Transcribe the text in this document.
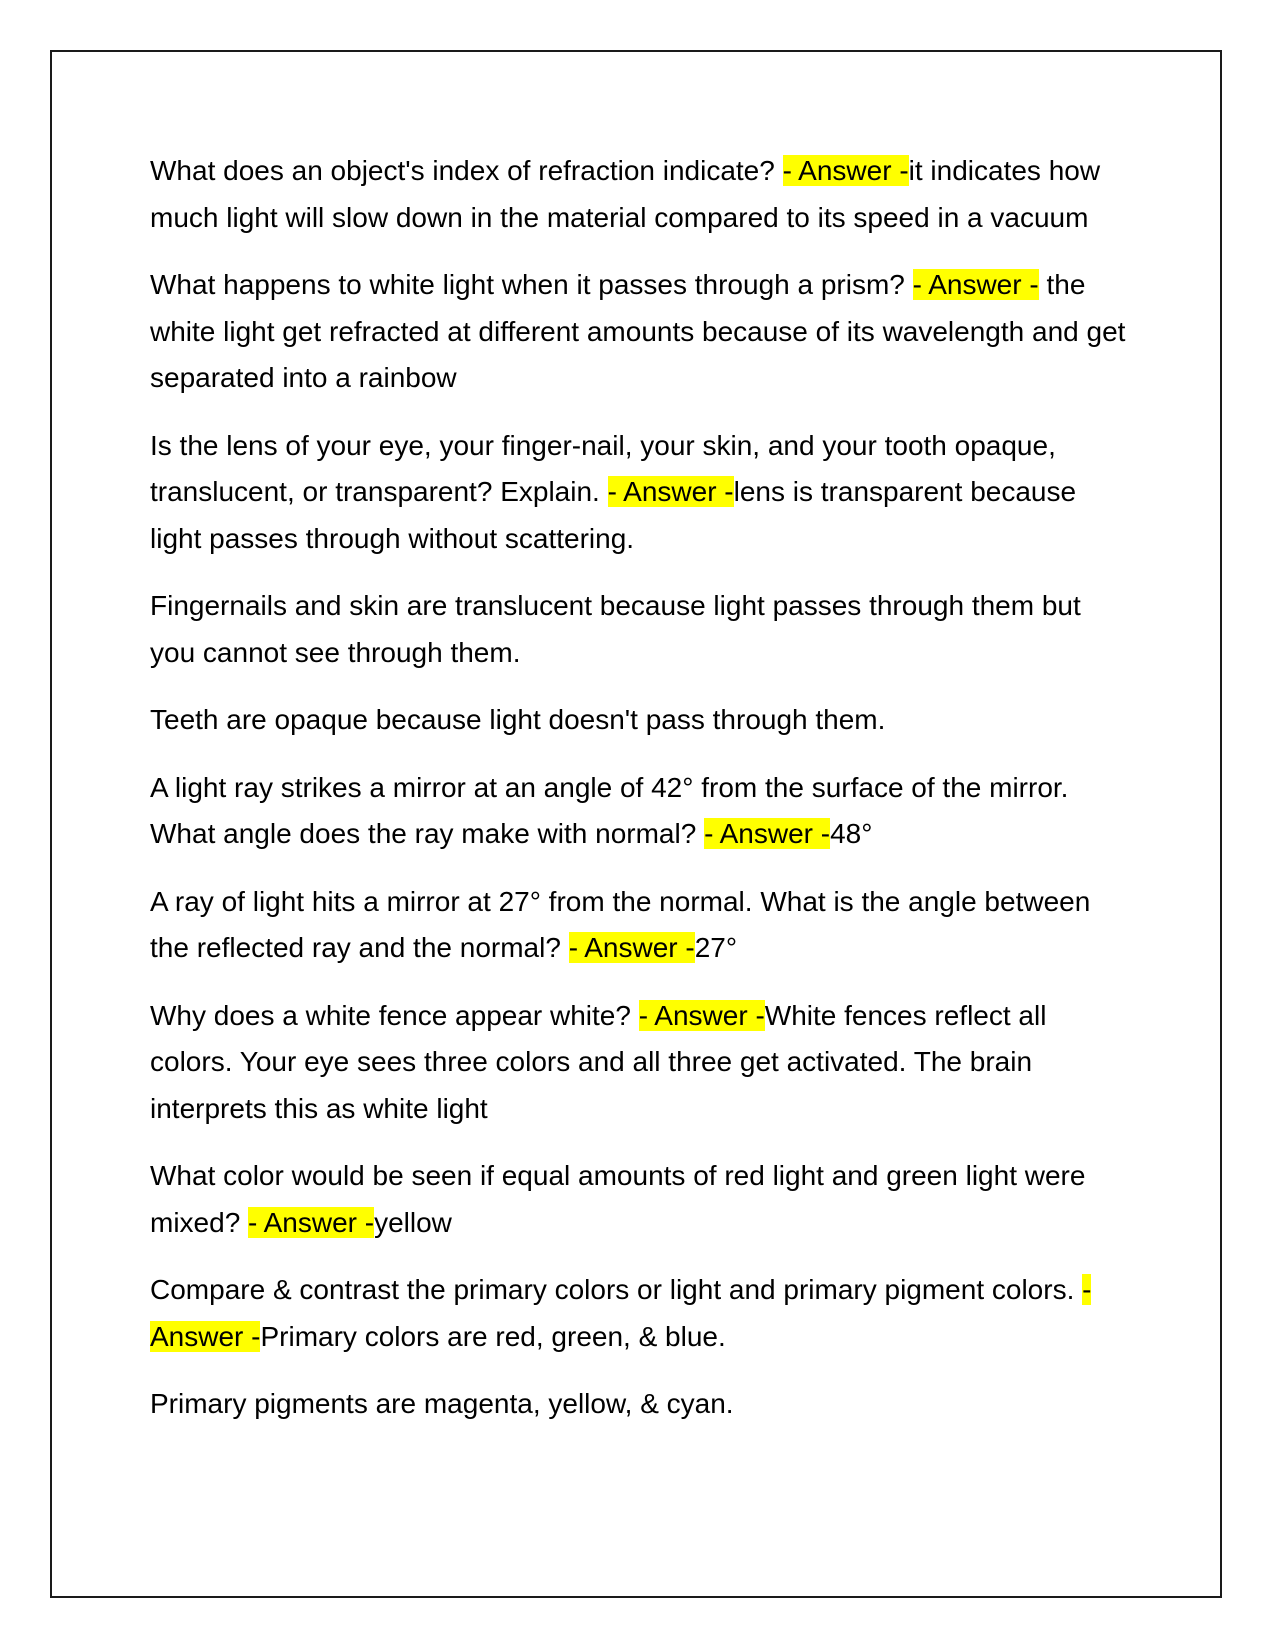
What does an object's index of refraction indicate? - Answer -it indicates how much light will slow down in the material compared to its speed in a vacuum

What happens to white light when it passes through a prism? - Answer - the white light get refracted at different amounts because of its wavelength and get separated into a rainbow

Is the lens of your eye, your finger-nail, your skin, and your tooth opaque, translucent, or transparent? Explain. - Answer -lens is transparent because light passes through without scattering.

Fingernails and skin are translucent because light passes through them but you cannot see through them.

Teeth are opaque because light doesn't pass through them.

A light ray strikes a mirror at an angle of 42° from the surface of the mirror. What angle does the ray make with normal? - Answer -48°

A ray of light hits a mirror at 27° from the normal. What is the angle between the reflected ray and the normal? - Answer -27°

Why does a white fence appear white? - Answer -White fences reflect all colors. Your eye sees three colors and all three get activated. The brain interprets this as white light

What color would be seen if equal amounts of red light and green light were mixed? - Answer -yellow

Compare & contrast the primary colors or light and primary pigment colors. - Answer -Primary colors are red, green, & blue.

Primary pigments are magenta, yellow, & cyan.
